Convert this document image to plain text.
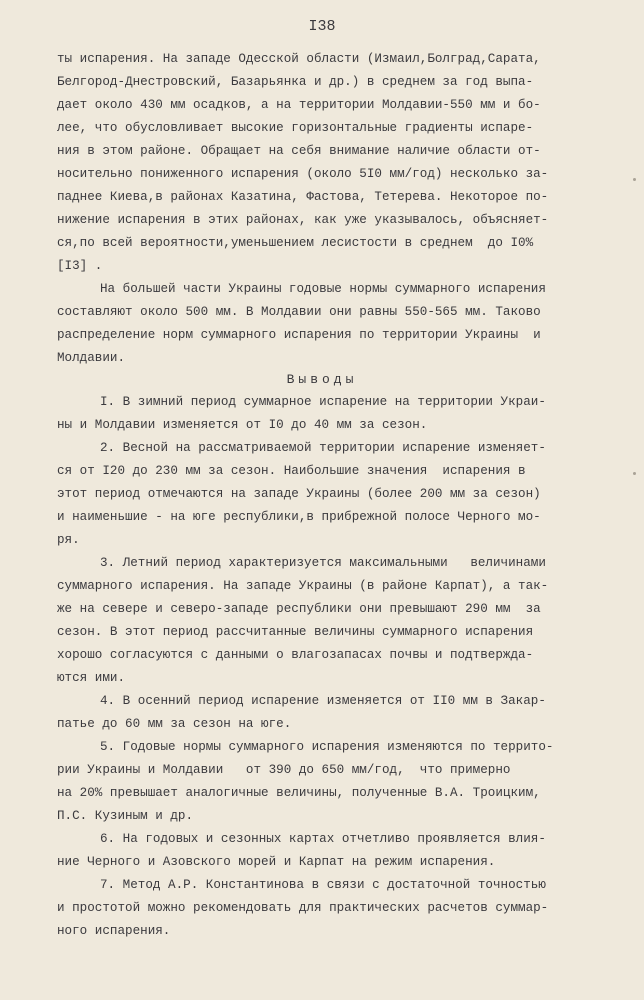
I38
ты испарения. На западе Одесской области (Измаил,Болград,Сарата,
Белгород-Днестровский, Базарьянка и др.) в среднем за год выпа-
дает около 430 мм осадков, а на территории Молдавии-550 мм и бо-
лее, что обусловливает высокие горизонтальные градиенты испаре-
ния в этом районе. Обращает на себя внимание наличие области от-
носительно пониженного испарения (около 5I0 мм/год) несколько за-
паднее Киева,в районах Казатина, Фастова, Тетерева. Некоторое по-
нижение испарения в этих районах, как уже указывалось, объясняет-
ся,по всей вероятности,уменьшением лесистости в среднем  до I0%
[I3] .
На большей части Украины годовые нормы суммарного испарения
составляют около 500 мм. В Молдавии они равны 550-565 мм. Таково
распределение норм суммарного испарения по территории Украины  и
Молдавии.
Выводы
I. В зимний период суммарное испарение на территории Украи-
ны и Молдавии изменяется от I0 до 40 мм за сезон.
2. Весной на рассматриваемой территории испарение изменяет-
ся от I20 до 230 мм за сезон. Наибольшие значения  испарения в
этот период отмечаются на западе Украины (более 200 мм за сезон)
и наименьшие - на юге республики,в прибрежной полосе Черного мо-
ря.
3. Летний период характеризуется максимальными   величинами
суммарного испарения. На западе Украины (в районе Карпат), а так-
же на севере и северо-западе республики они превышают 290 мм  за
сезон. В этот период рассчитанные величины суммарного испарения
хорошо согласуются с данными о влагозапасах почвы и подтвержда-
ются ими.
4. В осенний период испарение изменяется от II0 мм в Закар-
патье до 60 мм за сезон на юге.
5. Годовые нормы суммарного испарения изменяются по террито-
рии Украины и Молдавии   от 390 до 650 мм/год,  что примерно
на 20% превышает аналогичные величины, полученные В.А. Троицким,
П.С. Кузиным и др.
6. На годовых и сезонных картах отчетливо проявляется влия-
ние Черного и Азовского морей и Карпат на режим испарения.
7. Метод А.Р. Константинова в связи с достаточной точностью
и простотой можно рекомендовать для практических расчетов суммар-
ного испарения.
